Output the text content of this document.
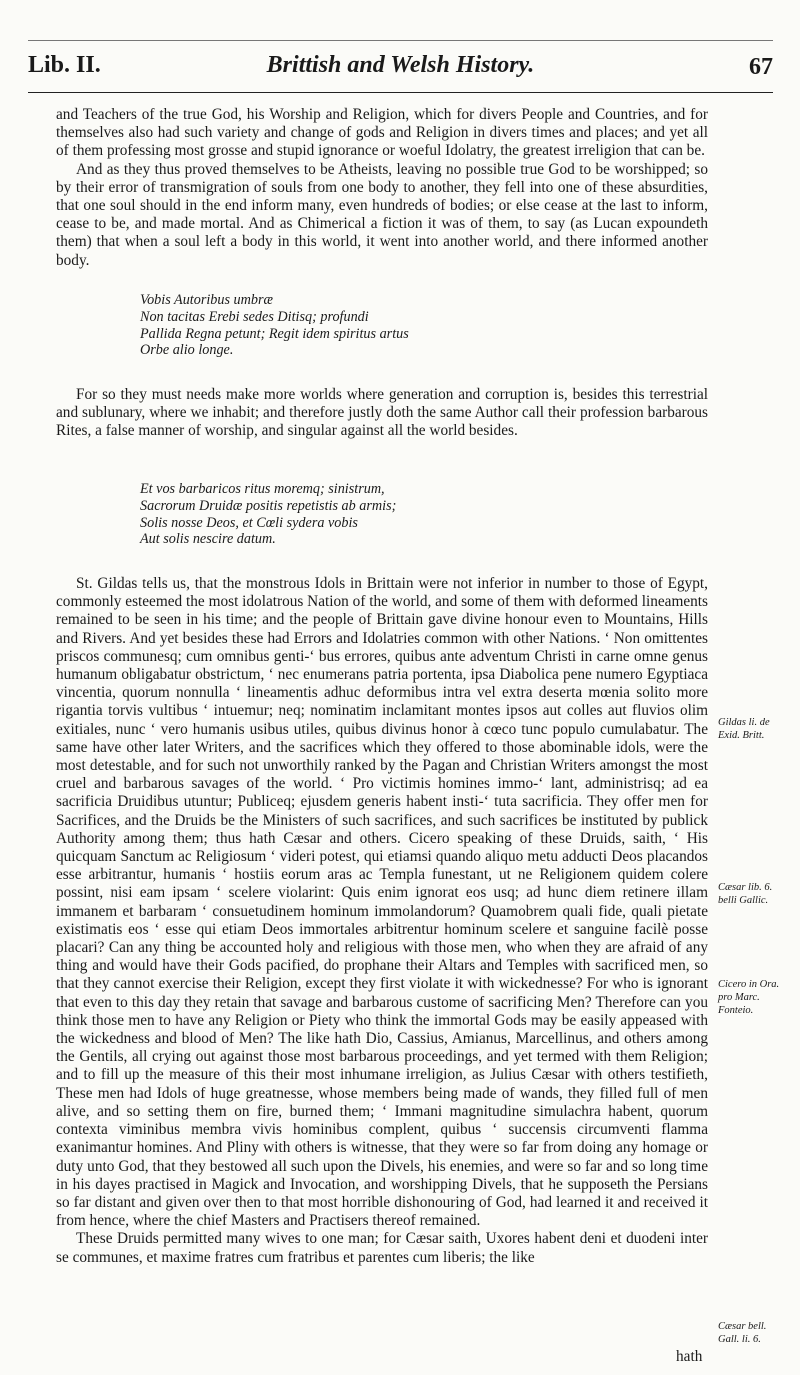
Lib. II.	Brittish and Welsh History.	67

and Teachers of the true God, his Worship and Religion, which for divers People and Countries, and for themselves also had such variety and change of gods and Religion in divers times and places; and yet all of them professing most grosse and stupid ignorance or woeful Idolatry, the greatest irreligion that can be.

And as they thus proved themselves to be Atheists, leaving no possible true God to be worshipped; so by their error of transmigration of souls from one body to another, they fell into one of these absurdities, that one soul should in the end inform many, even hundreds of bodies; or else cease at the last to inform, cease to be, and made mortal. And as Chimerical a fiction it was of them, to say (as Lucan expoundeth them) that when a soul left a body in this world, it went into another world, and there informed another body.

Vobis Autoribus umbræ
Non tacitas Erebi sedes Ditisq; profundi
Pallida Regna petunt; Regit idem spiritus artus
Orbe alio longe.

For so they must needs make more worlds where generation and corruption is, besides this terrestrial and sublunary, where we inhabit; and therefore justly doth the same Author call their profession barbarous Rites, a false manner of worship, and singular against all the world besides.

Et vos barbaricos ritus moremq; sinistrum,
Sacrorum Druidæ positis repetistis ab armis;
Solis nosse Deos, et Cœli sydera vobis
Aut solis nescire datum.

St. Gildas tells us, that the monstrous Idols in Brittain were not inferior in number to those of Egypt, commonly esteemed the most idolatrous Nation of the world, and some of them with deformed lineaments remained to be seen in his time; and the people of Brittain gave divine honour even to Mountains, Hills and Rivers. And yet besides these had Errors and Idolatries common with other Nations. ‘ Non omittentes priscos communesq; cum omnibus genti-‘ bus errores, quibus ante adventum Christi in carne omne genus humanum obligabatur obstrictum, ‘ nec enumerans patria portenta, ipsa Diabolica pene numero Egyptiaca vincentia, quorum nonnulla ‘ lineamentis adhuc deformibus intra vel extra deserta mœnia solito more rigantia torvis vultibus ‘ intuemur; neq; nominatim inclamitant montes ipsos aut colles aut fluvios olim exitiales, nunc ‘ vero humanis usibus utiles, quibus divinus honor à cœco tunc populo cumulabatur. The same have other later Writers, and the sacrifices which they offered to those abominable idols, were the most detestable, and for such not unworthily ranked by the Pagan and Christian Writers amongst the most cruel and barbarous savages of the world. ‘ Pro victimis homines immo-‘ lant, administrisq; ad ea sacrificia Druidibus utuntur; Publiceq; ejusdem generis habent insti-‘ tuta sacrificia. They offer men for Sacrifices, and the Druids be the Ministers of such sacrifices, and such sacrifices be instituted by publick Authority among them; thus hath Cæsar and others. Cicero speaking of these Druids, saith, ‘ His quicquam Sanctum ac Religiosum ‘ videri potest, qui etiamsi quando aliquo metu adducti Deos placandos esse arbitrantur, humanis ‘ hostiis eorum aras ac Templa funestant, ut ne Religionem quidem colere possint, nisi eam ipsam ‘ scelere violarint: Quis enim ignorat eos usq; ad hunc diem retinere illam immanem et barbaram ‘ consuetudinem hominum immolandorum? Quamobrem quali fide, quali pietate existimatis eos ‘ esse qui etiam Deos immortales arbitrentur hominum scelere et sanguine facilè posse placari? Can any thing be accounted holy and religious with those men, who when they are afraid of any thing and would have their Gods pacified, do prophane their Altars and Temples with sacrificed men, so that they cannot exercise their Religion, except they first violate it with wickednesse? For who is ignorant that even to this day they retain that savage and barbarous custome of sacrificing Men? Therefore can you think those men to have any Religion or Piety who think the immortal Gods may be easily appeased with the wickedness and blood of Men? The like hath Dio, Cassius, Amianus, Marcellinus, and others among the Gentils, all crying out against those most barbarous proceedings, and yet termed with them Religion; and to fill up the measure of this their most inhumane irreligion, as Julius Cæsar with others testifieth, These men had Idols of huge greatnesse, whose members being made of wands, they filled full of men alive, and so setting them on fire, burned them; ‘ Immani magnitudine simulachra habent, quorum contexta viminibus membra vivis hominibus complent, quibus ‘ succensis circumventi flamma exanimantur homines. And Pliny with others is witnesse, that they were so far from doing any homage or duty unto God, that they bestowed all such upon the Divels, his enemies, and were so far and so long time in his dayes practised in Magick and Invocation, and worshipping Divels, that he supposeth the Persians so far distant and given over then to that most horrible dishonouring of God, had learned it and received it from hence, where the chief Masters and Practisers thereof remained.

These Druids permitted many wives to one man; for Cæsar saith, Uxores habent deni et duodeni inter se communes, et maxime fratres cum fratribus et parentes cum liberis; the like

Gildas li. de
Exid. Britt.
Cæsar lib. 6.
belli Gallic.
Cicero in Ora.
pro Marc.
Fonteio.
Cæsar bell.
Gall. li. 6.
hath
